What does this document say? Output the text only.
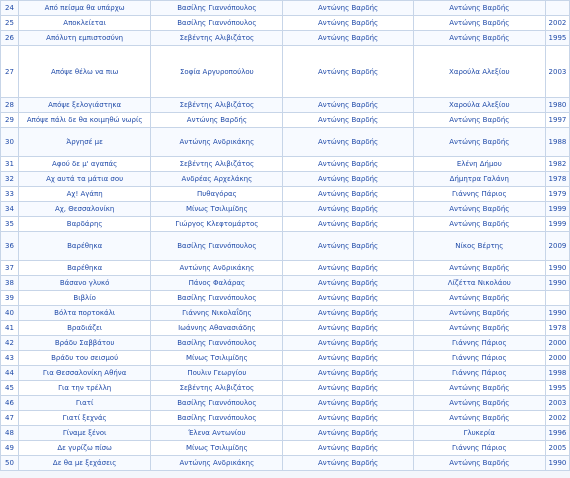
24	Από πείσμα θα υπάρχω	Βασίλης Γιαννόπουλος	Αντώνης Βαρδής	Αντώνης Βαρδής	
25	Αποκλείεται	Βασίλης Γιαννόπουλος	Αντώνης Βαρδής	Αντώνης Βαρδής	2002
26	Απόλυτη εμπιστοσύνη	Σεβέντης Αλιβιζάτος	Αντώνης Βαρδής	Αντώνης Βαρδής	1995
27	Απόψε θέλω να πιω	Σοφία Αργυροπούλου	Αντώνης Βαρδής	Χαρούλα Αλεξίου	2003
28	Απόψε ξελογιάστηκα	Σεβέντης Αλιβιζάτος	Αντώνης Βαρδής	Χαρούλα Αλεξίου	1980
29	Απόψε πάλι δε θα κοιμηθώ νωρίς	Αντώνης Βαρδής	Αντώνης Βαρδής	Αντώνης Βαρδής	1997
30	Άργησέ με	Αντώνης Ανδρικάκης	Αντώνης Βαρδής	Αντώνης Βαρδής	1988
31	Αφού δε μ' αγαπάς	Σεβέντης Αλιβιζάτος	Αντώνης Βαρδής	Ελένη Δήμου	1982
32	Αχ αυτά τα μάτια σου	Ανδρέας Αρχελάκης	Αντώνης Βαρδής	Δήμητρα Γαλάνη	1978
33	Αχ! Αγάπη	Πυθαγόρας	Αντώνης Βαρδής	Γιάννης Πάριος	1979
34	Αχ, Θεσσαλονίκη	Μίνως Τσιλιμίδης	Αντώνης Βαρδής	Αντώνης Βαρδής	1999
35	Βαρδάρης	Γιώργος Κλεφτομάρτος	Αντώνης Βαρδής	Αντώνης Βαρδής	1999
36	Βαρέθηκα	Βασίλης Γιαννόπουλος	Αντώνης Βαρδής	Νίκος Βέρτης	2009
37	Βαρέθηκα	Αντώνης Ανδρικάκης	Αντώνης Βαρδής	Αντώνης Βαρδής	1990
38	Βάσανο γλυκό	Πάνος Φαλάρας	Αντώνης Βαρδής	Λίζέττα Νικολάου	1990
39	Βιβλίο	Βασίλης Γιαννόπουλος	Αντώνης Βαρδής	Αντώνης Βαρδής	
40	Βόλτα πορτοκάλι	Γιάννης Νικολαΐδης	Αντώνης Βαρδής	Αντώνης Βαρδής	1990
41	Βραδιάζει	Ιωάννης Αθανασιάδης	Αντώνης Βαρδής	Αντώνης Βαρδής	1978
42	Βράδυ Σαββάτου	Βασίλης Γιαννόπουλος	Αντώνης Βαρδής	Γιάννης Πάριος	2000
43	Βράδυ του σεισμού	Μίνως Τσιλιμίδης	Αντώνης Βαρδής	Γιάννης Πάριος	2000
44	Για Θεσσαλονίκη Αθήνα	Πουλιν Γεωργίου	Αντώνης Βαρδής	Γιάννης Πάριος	1998
45	Για την τρέλλη	Σεβέντης Αλιβιζάτος	Αντώνης Βαρδής	Αντώνης Βαρδής	1995
46	Γιατί	Βασίλης Γιαννόπουλος	Αντώνης Βαρδής	Αντώνης Βαρδής	2003
47	Γιατί ξεχνάς	Βασίλης Γιαννόπουλος	Αντώνης Βαρδής	Αντώνης Βαρδής	2002
48	Γίναμε ξένοι	Έλενα Αντωνίου	Αντώνης Βαρδής	Γλυκερία	1996
49	Δε γυρίζω πίσω	Μίνως Τσιλιμίδης	Αντώνης Βαρδής	Γιάννης Πάριος	2005
50	Δε θα με ξεχάσεις	Αντώνης Ανδρικάκης	Αντώνης Βαρδής	Αντώνης Βαρδής	1990
